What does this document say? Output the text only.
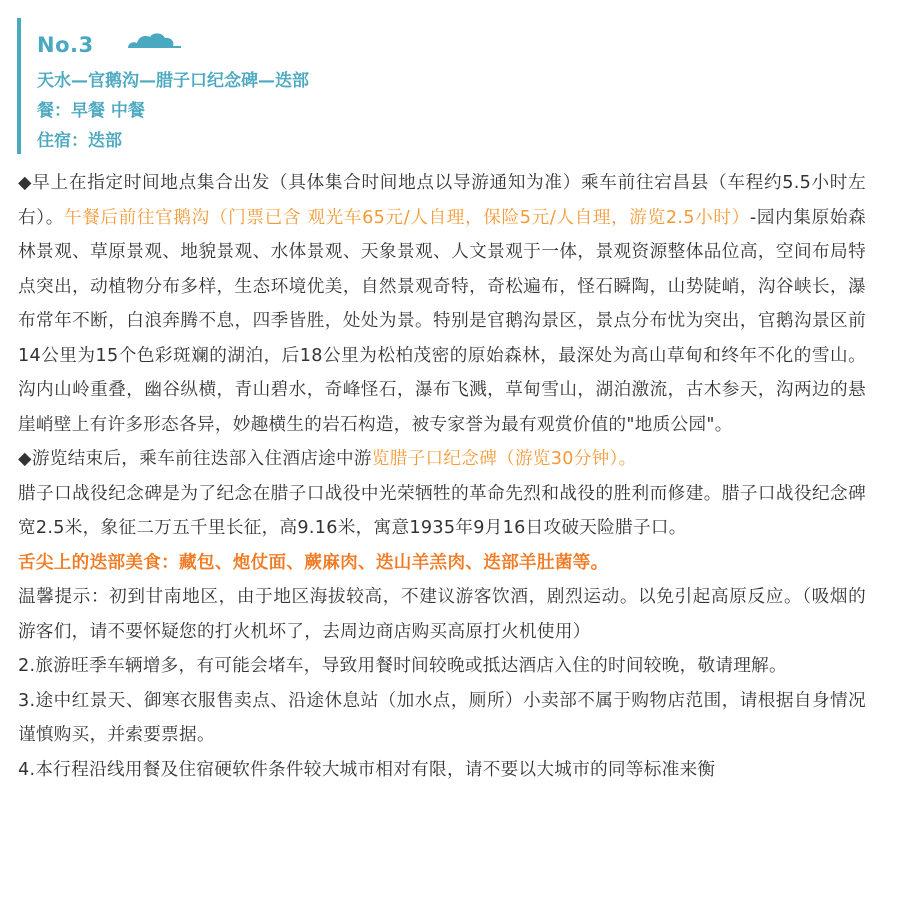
No.3
天水—官鹅沟—腊子口纪念碑—迭部
餐：早餐 中餐
住宿：迭部

◆早上在指定时间地点集合出发（具体集合时间地点以导游通知为准）乘车前往宕昌县（车程约5.5小时左右）。午餐后前往官鹅沟（门票已含 观光车65元/人自理，保险5元/人自理，游览2.5小时）-园内集原始森林景观、草原景观、地貌景观、水体景观、天象景观、人文景观于一体，景观资源整体品位高，空间布局特点突出，动植物分布多样，生态环境优美，自然景观奇特，奇松遍布，怪石瞬陶，山势陡峭，沟谷峡长，瀑布常年不断，白浪奔腾不息，四季皆胜，处处为景。特别是官鹅沟景区，景点分布忧为突出，官鹅沟景区前14公里为15个色彩斑斓的湖泊，后18公里为松柏茂密的原始森林，最深处为高山草甸和终年不化的雪山。沟内山岭重叠，幽谷纵横，青山碧水，奇峰怪石，瀑布飞溅，草甸雪山，湖泊激流，古木参天，沟两边的悬崖峭壁上有许多形态各异，妙趣横生的岩石构造，被专家誉为最有观赏价值的"地质公园"。

◆游览结束后，乘车前往迭部入住酒店途中游览腊子口纪念碑（游览30分钟）。

腊子口战役纪念碑是为了纪念在腊子口战役中光荣牺牲的革命先烈和战役的胜利而修建。腊子口战役纪念碑宽2.5米，象征二万五千里长征，高9.16米，寓意1935年9月16日攻破天险腊子口。

舌尖上的迭部美食：藏包、炮仗面、蕨麻肉、迭山羊羔肉、迭部羊肚菌等。

温馨提示：初到甘南地区，由于地区海拔较高，不建议游客饮酒，剧烈运动。以免引起高原反应。（吸烟的游客们，请不要怀疑您的打火机坏了，去周边商店购买高原打火机使用）

2.旅游旺季车辆增多，有可能会堵车，导致用餐时间较晚或抵达酒店入住的时间较晚，敬请理解。

3.途中红景天、御寒衣服售卖点、沿途休息站（加水点，厕所）小卖部不属于购物店范围，请根据自身情况谨慎购买，并索要票据。

4.本行程沿线用餐及住宿硬软件条件较大城市相对有限，请不要以大城市的同等标准来衡
